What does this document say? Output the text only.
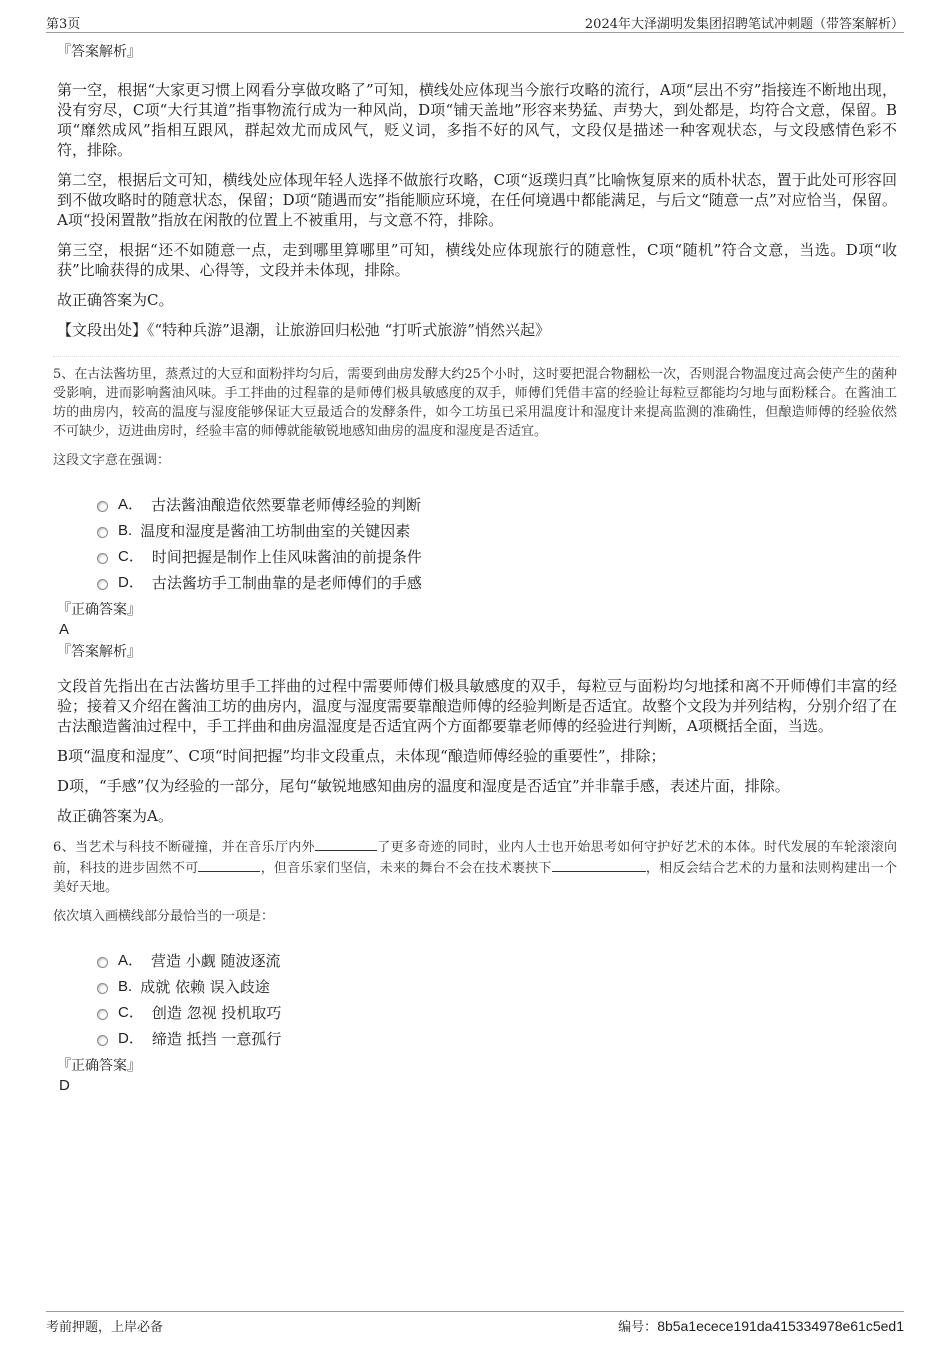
第3页	2024年大泽湖明发集团招聘笔试冲刺题（带答案解析）

『答案解析』

第一空，根据“大家更习惯上网看分享做攻略了”可知，横线处应体现当今旅行攻略的流行，A项“层出不穷”指接连不断地出现，没有穷尽，C项“大行其道”指事物流行成为一种风尚，D项“铺天盖地”形容来势猛、声势大，到处都是，均符合文意，保留。B项“靡然成风”指相互跟风，群起效尤而成风气，贬义词，多指不好的风气，文段仅是描述一种客观状态，与文段感情色彩不符，排除。

第二空，根据后文可知，横线处应体现年轻人选择不做旅行攻略，C项“返璞归真”比喻恢复原来的质朴状态，置于此处可形容回到不做攻略时的随意状态，保留；D项“随遇而安”指能顺应环境，在任何境遇中都能满足，与后文“随意一点”对应恰当，保留。A项“投闲置散”指放在闲散的位置上不被重用，与文意不符，排除。

第三空，根据“还不如随意一点，走到哪里算哪里”可知，横线处应体现旅行的随意性，C项“随机”符合文意，当选。D项“收获”比喻获得的成果、心得等，文段并未体现，排除。

故正确答案为C。

【文段出处】《“特种兵游”退潮，让旅游回归松弛 “打听式旅游”悄然兴起》

5、在古法酱坊里，蒸煮过的大豆和面粉拌均匀后，需要到曲房发酵大约25个小时，这时要把混合物翻松一次，否则混合物温度过高会使产生的菌种受影响，进而影响酱油风味。手工拌曲的过程靠的是师傅们极具敏感度的双手，师傅们凭借丰富的经验让每粒豆都能均匀地与面粉糅合。在酱油工坊的曲房内，较高的温度与湿度能够保证大豆最适合的发酵条件，如今工坊虽已采用温度计和湿度计来提高监测的准确性，但酿造师傅的经验依然不可缺少，迈进曲房时，经验丰富的师傅就能敏锐地感知曲房的温度和湿度是否适宜。

这段文字意在强调：

A． 古法酱油酿造依然要靠老师傅经验的判断
B. 温度和湿度是酱油工坊制曲室的关键因素
C． 时间把握是制作上佳风味酱油的前提条件
D． 古法酱坊手工制曲靠的是老师傅们的手感

『正确答案』

A

『答案解析』

文段首先指出在古法酱坊里手工拌曲的过程中需要师傅们极具敏感度的双手，每粒豆与面粉均匀地揉和离不开师傅们丰富的经验；接着又介绍在酱油工坊的曲房内，温度与湿度需要靠酿造师傅的经验判断是否适宜。故整个文段为并列结构，分别介绍了在古法酿造酱油过程中，手工拌曲和曲房温湿度是否适宜两个方面都要靠老师傅的经验进行判断，A项概括全面，当选。

B项“温度和湿度”、C项“时间把握”均非文段重点，未体现“酿造师傅经验的重要性”，排除；

D项，“手感”仅为经验的一部分，尾句“敏锐地感知曲房的温度和湿度是否适宜”并非靠手感，表述片面，排除。

故正确答案为A。

6、当艺术与科技不断碰撞，并在音乐厅内外	了更多奇迹的同时，业内人士也开始思考如何守护好艺术的本体。时代发展的车轮滚滚向前，科技的进步固然不可	，但音乐家们坚信，未来的舞台不会在技术裹挟下	，相反会结合艺术的力量和法则构建出一个美好天地。

依次填入画横线部分最恰当的一项是：

A． 营造 小觑 随波逐流
B. 成就 依赖 误入歧途
C． 创造 忽视 投机取巧
D． 缔造 抵挡 一意孤行

『正确答案』

D

考前押题，上岸必备	编号：8b5a1ecece191da415334978e61c5ed1
